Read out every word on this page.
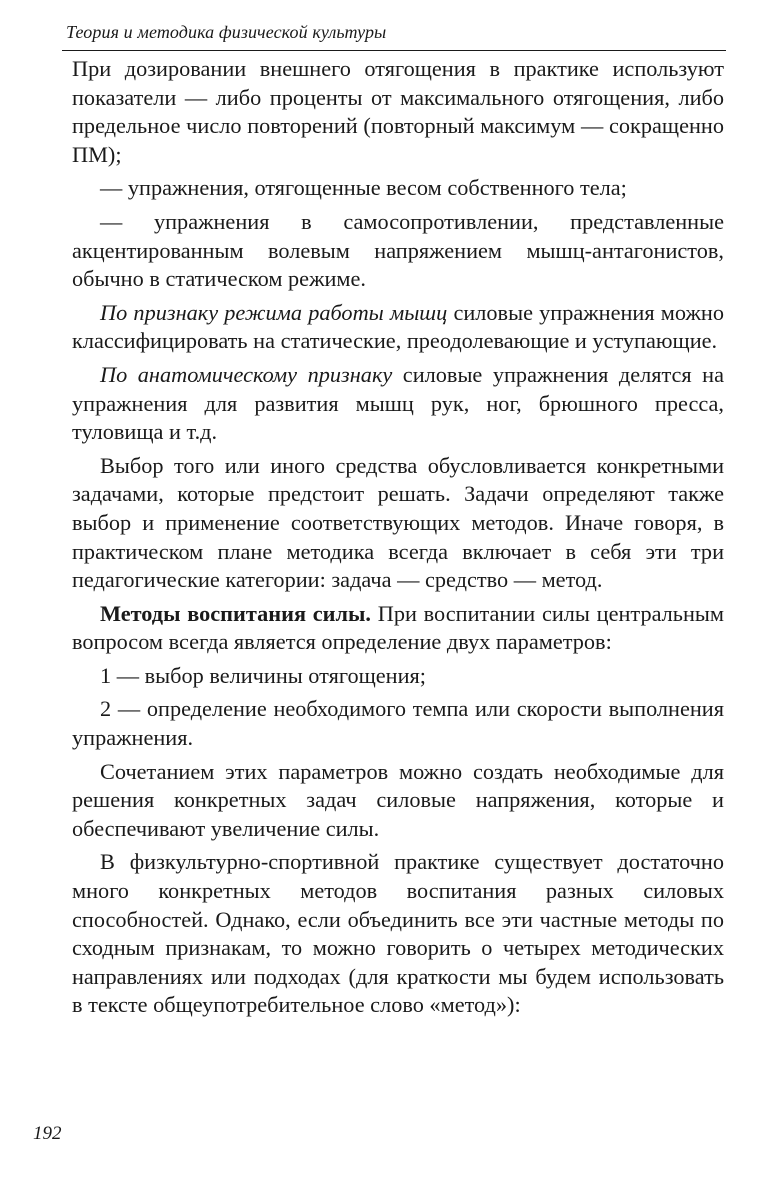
Теория и методика физической культуры

При дозировании внешнего отягощения в практике используют показатели — либо проценты от максимального отягощения, либо предельное число повторений (повторный максимум — сокращенно ПМ);

— упражнения, отягощенные весом собственного тела;

— упражнения в самосопротивлении, представленные акцентированным волевым напряжением мышц-антагонистов, обычно в статическом режиме.

По признаку режима работы мышц силовые упражнения можно классифицировать на статические, преодолевающие и уступающие.

По анатомическому признаку силовые упражнения делятся на упражнения для развития мышц рук, ног, брюшного пресса, туловища и т.д.

Выбор того или иного средства обусловливается конкретными задачами, которые предстоит решать. Задачи определяют также выбор и применение соответствующих методов. Иначе говоря, в практическом плане методика всегда включает в себя эти три педагогические категории: задача — средство — метод.

Методы воспитания силы. При воспитании силы центральным вопросом всегда является определение двух параметров:

1 — выбор величины отягощения;

2 — определение необходимого темпа или скорости выполнения упражнения.

Сочетанием этих параметров можно создать необходимые для решения конкретных задач силовые напряжения, которые и обеспечивают увеличение силы.

В физкультурно-спортивной практике существует достаточно много конкретных методов воспитания разных силовых способностей. Однако, если объединить все эти частные методы по сходным признакам, то можно говорить о четырех методических направлениях или подходах (для краткости мы будем использовать в тексте общеупотребительное слово «метод»):

192
